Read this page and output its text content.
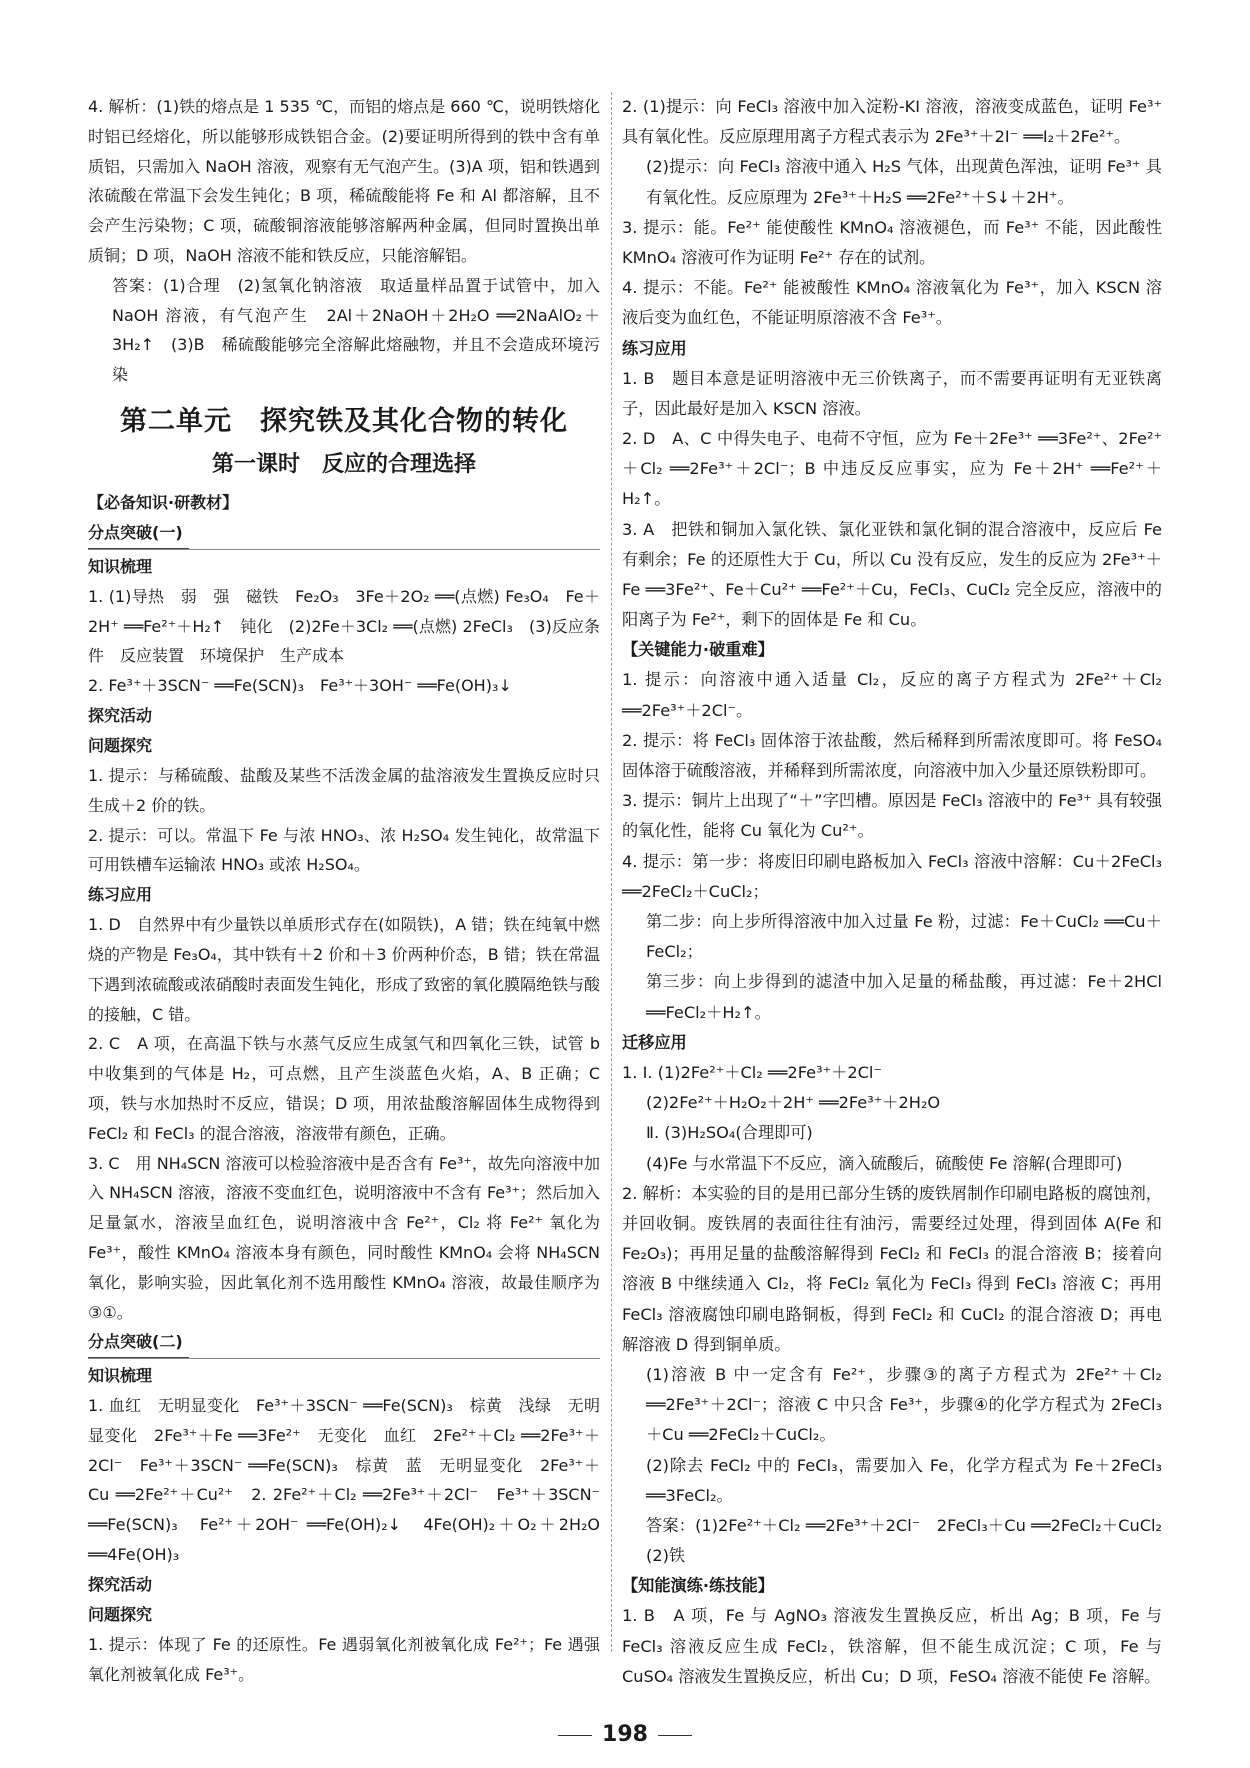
4. 解析：(1)铁的熔点是 1 535 ℃，而铝的熔点是 660 ℃，说明铁熔化时铝已经熔化，所以能够形成铁铝合金。(2)要证明所得到的铁中含有单质铝，只需加入 NaOH 溶液，观察有无气泡产生。(3)A 项，铝和铁遇到浓硫酸在常温下会发生钝化；B 项，稀硫酸能将 Fe 和 Al 都溶解，且不会产生污染物；C 项，硫酸铜溶液能够溶解两种金属，但同时置换出单质铜；D 项，NaOH 溶液不能和铁反应，只能溶解铝。

答案：(1)合理　(2)氢氧化钠溶液　取适量样品置于试管中，加入 NaOH 溶液，有气泡产生　2Al＋2NaOH＋2H₂O ══2NaAlO₂＋3H₂↑　(3)B　稀硫酸能够完全溶解此熔融物，并且不会造成环境污染

第二单元　探究铁及其化合物的转化

第一课时　反应的合理选择

【必备知识·研教材】

分点突破(一)

知识梳理

1. (1)导热　弱　强　磁铁　Fe₂O₃　3Fe＋2O₂ ══(点燃) Fe₃O₄　Fe＋2H⁺ ══Fe²⁺＋H₂↑　钝化　(2)2Fe＋3Cl₂ ══(点燃) 2FeCl₃　(3)反应条件　反应装置　环境保护　生产成本

2. Fe³⁺＋3SCN⁻ ══Fe(SCN)₃　Fe³⁺＋3OH⁻ ══Fe(OH)₃↓

探究活动

问题探究

1. 提示：与稀硫酸、盐酸及某些不活泼金属的盐溶液发生置换反应时只生成＋2 价的铁。

2. 提示：可以。常温下 Fe 与浓 HNO₃、浓 H₂SO₄ 发生钝化，故常温下可用铁槽车运输浓 HNO₃ 或浓 H₂SO₄。

练习应用

1. D　自然界中有少量铁以单质形式存在(如陨铁)，A 错；铁在纯氧中燃烧的产物是 Fe₃O₄，其中铁有＋2 价和＋3 价两种价态，B 错；铁在常温下遇到浓硫酸或浓硝酸时表面发生钝化，形成了致密的氧化膜隔绝铁与酸的接触，C 错。

2. C　A 项，在高温下铁与水蒸气反应生成氢气和四氧化三铁，试管 b 中收集到的气体是 H₂，可点燃，且产生淡蓝色火焰，A、B 正确；C 项，铁与水加热时不反应，错误；D 项，用浓盐酸溶解固体生成物得到 FeCl₂ 和 FeCl₃ 的混合溶液，溶液带有颜色，正确。

3. C　用 NH₄SCN 溶液可以检验溶液中是否含有 Fe³⁺，故先向溶液中加入 NH₄SCN 溶液，溶液不变血红色，说明溶液中不含有 Fe³⁺；然后加入足量氯水，溶液呈血红色，说明溶液中含 Fe²⁺，Cl₂ 将 Fe²⁺ 氧化为 Fe³⁺，酸性 KMnO₄ 溶液本身有颜色，同时酸性 KMnO₄ 会将 NH₄SCN 氧化，影响实验，因此氧化剂不选用酸性 KMnO₄ 溶液，故最佳顺序为③①。

分点突破(二)

知识梳理

1. 血红　无明显变化　Fe³⁺＋3SCN⁻ ══Fe(SCN)₃　棕黄　浅绿　无明显变化　2Fe³⁺＋Fe ══3Fe²⁺　无变化　血红　2Fe²⁺＋Cl₂ ══2Fe³⁺＋2Cl⁻　Fe³⁺＋3SCN⁻ ══Fe(SCN)₃　棕黄　蓝　无明显变化　2Fe³⁺＋Cu ══2Fe²⁺＋Cu²⁺　2. 2Fe²⁺＋Cl₂ ══2Fe³⁺＋2Cl⁻　Fe³⁺＋3SCN⁻ ══Fe(SCN)₃　Fe²⁺＋2OH⁻ ══Fe(OH)₂↓　4Fe(OH)₂＋O₂＋2H₂O ══4Fe(OH)₃

探究活动

问题探究

1. 提示：体现了 Fe 的还原性。Fe 遇弱氧化剂被氧化成 Fe²⁺；Fe 遇强氧化剂被氧化成 Fe³⁺。

2. (1)提示：向 FeCl₃ 溶液中加入淀粉-KI 溶液，溶液变成蓝色，证明 Fe³⁺ 具有氧化性。反应原理用离子方程式表示为 2Fe³⁺＋2I⁻ ══I₂＋2Fe²⁺。

(2)提示：向 FeCl₃ 溶液中通入 H₂S 气体，出现黄色浑浊，证明 Fe³⁺ 具有氧化性。反应原理为 2Fe³⁺＋H₂S ══2Fe²⁺＋S↓＋2H⁺。

3. 提示：能。Fe²⁺ 能使酸性 KMnO₄ 溶液褪色，而 Fe³⁺ 不能，因此酸性 KMnO₄ 溶液可作为证明 Fe²⁺ 存在的试剂。

4. 提示：不能。Fe²⁺ 能被酸性 KMnO₄ 溶液氧化为 Fe³⁺，加入 KSCN 溶液后变为血红色，不能证明原溶液不含 Fe³⁺。

练习应用

1. B　题目本意是证明溶液中无三价铁离子，而不需要再证明有无亚铁离子，因此最好是加入 KSCN 溶液。

2. D　A、C 中得失电子、电荷不守恒，应为 Fe＋2Fe³⁺ ══3Fe²⁺、2Fe²⁺＋Cl₂ ══2Fe³⁺＋2Cl⁻；B 中违反反应事实，应为 Fe＋2H⁺ ══Fe²⁺＋H₂↑。

3. A　把铁和铜加入氯化铁、氯化亚铁和氯化铜的混合溶液中，反应后 Fe 有剩余；Fe 的还原性大于 Cu，所以 Cu 没有反应，发生的反应为 2Fe³⁺＋Fe ══3Fe²⁺、Fe＋Cu²⁺ ══Fe²⁺＋Cu，FeCl₃、CuCl₂ 完全反应，溶液中的阳离子为 Fe²⁺，剩下的固体是 Fe 和 Cu。

【关键能力·破重难】

1. 提示：向溶液中通入适量 Cl₂，反应的离子方程式为 2Fe²⁺＋Cl₂ ══2Fe³⁺＋2Cl⁻。

2. 提示：将 FeCl₃ 固体溶于浓盐酸，然后稀释到所需浓度即可。将 FeSO₄ 固体溶于硫酸溶液，并稀释到所需浓度，向溶液中加入少量还原铁粉即可。

3. 提示：铜片上出现了“＋”字凹槽。原因是 FeCl₃ 溶液中的 Fe³⁺ 具有较强的氧化性，能将 Cu 氧化为 Cu²⁺。

4. 提示：第一步：将废旧印刷电路板加入 FeCl₃ 溶液中溶解：Cu＋2FeCl₃ ══2FeCl₂＋CuCl₂；

第二步：向上步所得溶液中加入过量 Fe 粉，过滤：Fe＋CuCl₂ ══Cu＋FeCl₂；

第三步：向上步得到的滤渣中加入足量的稀盐酸，再过滤：Fe＋2HCl ══FeCl₂＋H₂↑。

迁移应用

1. Ⅰ. (1)2Fe²⁺＋Cl₂ ══2Fe³⁺＋2Cl⁻

(2)2Fe²⁺＋H₂O₂＋2H⁺ ══2Fe³⁺＋2H₂O

Ⅱ. (3)H₂SO₄(合理即可)

(4)Fe 与水常温下不反应，滴入硫酸后，硫酸使 Fe 溶解(合理即可)

2. 解析：本实验的目的是用已部分生锈的废铁屑制作印刷电路板的腐蚀剂，并回收铜。废铁屑的表面往往有油污，需要经过处理，得到固体 A(Fe 和 Fe₂O₃)；再用足量的盐酸溶解得到 FeCl₂ 和 FeCl₃ 的混合溶液 B；接着向溶液 B 中继续通入 Cl₂，将 FeCl₂ 氧化为 FeCl₃ 得到 FeCl₃ 溶液 C；再用 FeCl₃ 溶液腐蚀印刷电路铜板，得到 FeCl₂ 和 CuCl₂ 的混合溶液 D；再电解溶液 D 得到铜单质。

(1)溶液 B 中一定含有 Fe²⁺，步骤③的离子方程式为 2Fe²⁺＋Cl₂ ══2Fe³⁺＋2Cl⁻；溶液 C 中只含 Fe³⁺，步骤④的化学方程式为 2FeCl₃＋Cu ══2FeCl₂＋CuCl₂。

(2)除去 FeCl₂ 中的 FeCl₃，需要加入 Fe，化学方程式为 Fe＋2FeCl₃ ══3FeCl₂。

答案：(1)2Fe²⁺＋Cl₂ ══2Fe³⁺＋2Cl⁻　2FeCl₃＋Cu ══2FeCl₂＋CuCl₂　(2)铁

【知能演练·练技能】

1. B　A 项，Fe 与 AgNO₃ 溶液发生置换反应，析出 Ag；B 项，Fe 与 FeCl₃ 溶液反应生成 FeCl₂，铁溶解，但不能生成沉淀；C 项，Fe 与 CuSO₄ 溶液发生置换反应，析出 Cu；D 项，FeSO₄ 溶液不能使 Fe 溶解。

198
